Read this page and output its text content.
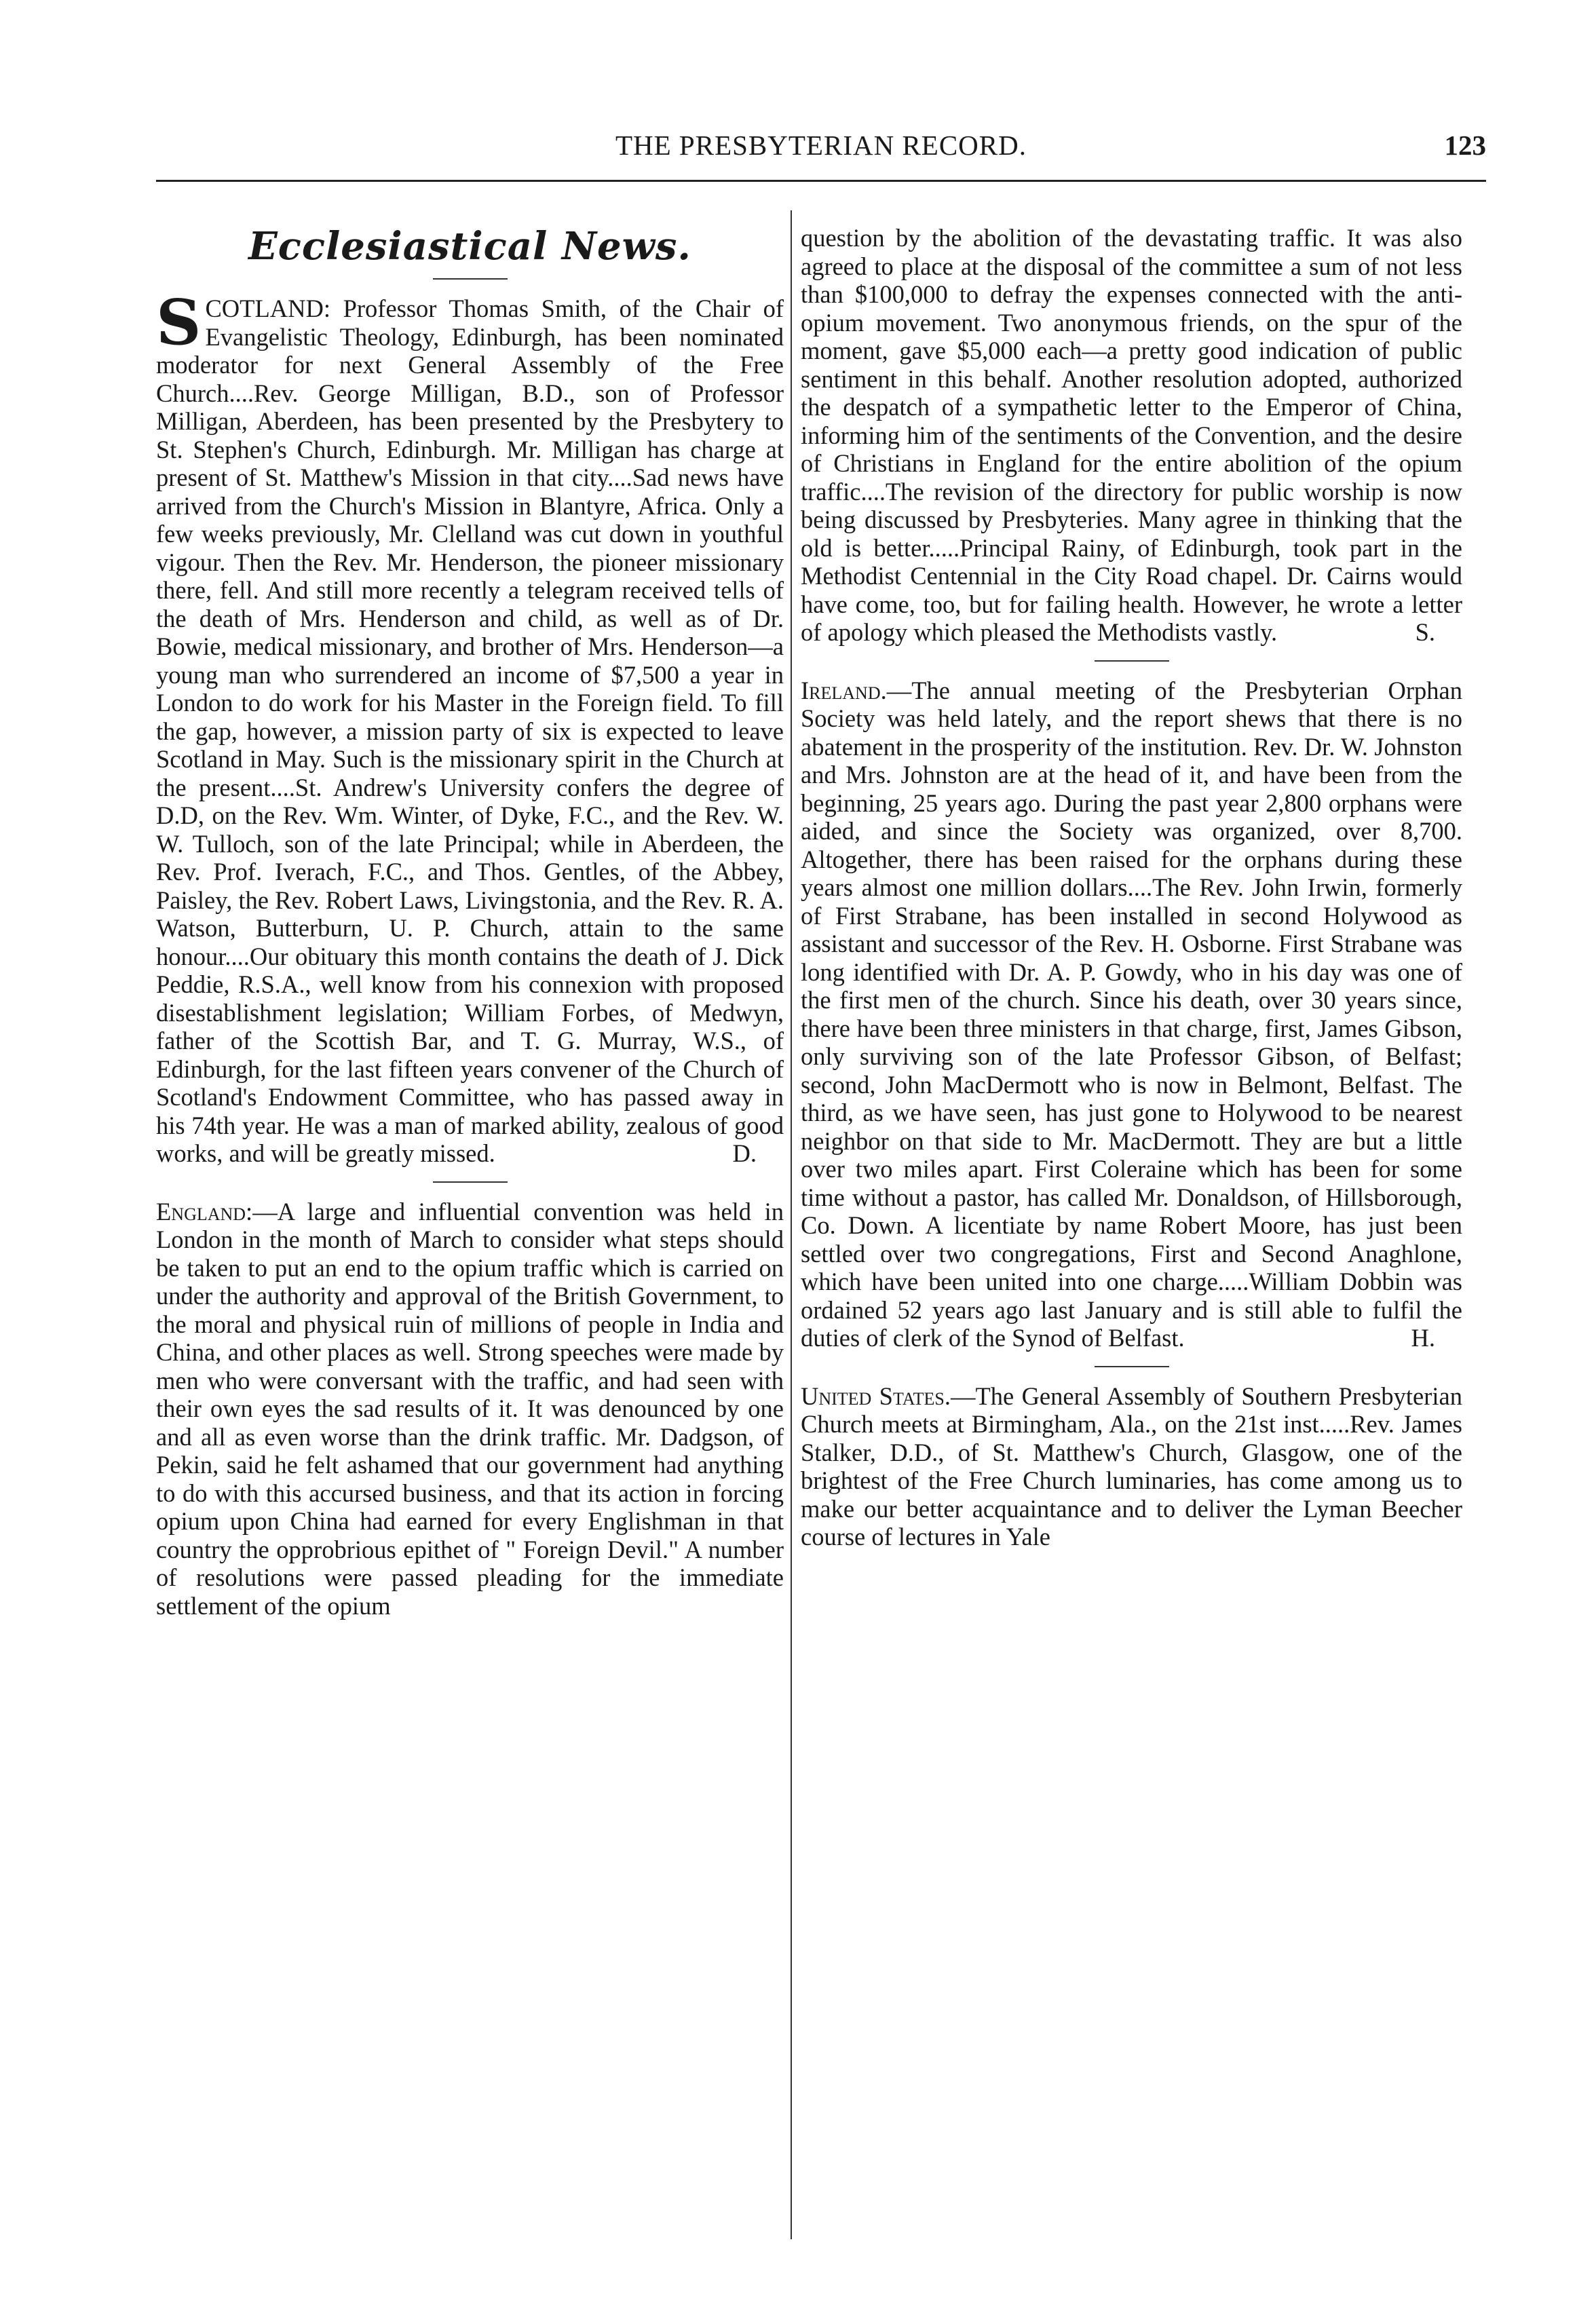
THE PRESBYTERIAN RECORD.	123
Ecclesiastical News.

SCOTLAND: Professor Thomas Smith, of the Chair of Evangelistic Theology, Edinburgh, has been nominated moderator for next General Assembly of the Free Church....Rev. George Milligan, B.D., son of Professor Milligan, Aberdeen, has been presented by the Presbytery to St. Stephen's Church, Edinburgh. Mr. Milligan has charge at present of St. Matthew's Mission in that city....Sad news have arrived from the Church's Mission in Blantyre, Africa. Only a few weeks previously, Mr. Clelland was cut down in youthful vigour. Then the Rev. Mr. Henderson, the pioneer missionary there, fell. And still more recently a telegram received tells of the death of Mrs. Henderson and child, as well as of Dr. Bowie, medical missionary, and brother of Mrs. Henderson—a young man who surrendered an income of $7,500 a year in London to do work for his Master in the Foreign field. To fill the gap, however, a mission party of six is expected to leave Scotland in May. Such is the missionary spirit in the Church at the present....St. Andrew's University confers the degree of D.D, on the Rev. Wm. Winter, of Dyke, F.C., and the Rev. W. W. Tulloch, son of the late Principal; while in Aberdeen, the Rev. Prof. Iverach, F.C., and Thos. Gentles, of the Abbey, Paisley, the Rev. Robert Laws, Livingstonia, and the Rev. R. A. Watson, Butterburn, U. P. Church, attain to the same honour....Our obituary this month contains the death of J. Dick Peddie, R.S.A., well know from his connexion with proposed disestablishment legislation; William Forbes, of Medwyn, father of the Scottish Bar, and T. G. Murray, W.S., of Edinburgh, for the last fifteen years convener of the Church of Scotland's Endowment Committee, who has passed away in his 74th year. He was a man of marked ability, zealous of good works, and will be greatly missed.	D.

England:—A large and influential convention was held in London in the month of March to consider what steps should be taken to put an end to the opium traffic which is carried on under the authority and approval of the British Government, to the moral and physical ruin of millions of people in India and China, and other places as well. Strong speeches were made by men who were conversant with the traffic, and had seen with their own eyes the sad results of it. It was denounced by one and all as even worse than the drink traffic. Mr. Dadgson, of Pekin, said he felt ashamed that our government had anything to do with this accursed business, and that its action in forcing opium upon China had earned for every Englishman in that country the opprobrious epithet of " Foreign Devil." A number of resolutions were passed pleading for the immediate settlement of the opium

question by the abolition of the devastating traffic. It was also agreed to place at the disposal of the committee a sum of not less than $100,000 to defray the expenses connected with the anti-opium movement. Two anonymous friends, on the spur of the moment, gave $5,000 each—a pretty good indication of public sentiment in this behalf. Another resolution adopted, authorized the despatch of a sympathetic letter to the Emperor of China, informing him of the sentiments of the Convention, and the desire of Christians in England for the entire abolition of the opium traffic....The revision of the directory for public worship is now being discussed by Presbyteries. Many agree in thinking that the old is better.....Principal Rainy, of Edinburgh, took part in the Methodist Centennial in the City Road chapel. Dr. Cairns would have come, too, but for failing health. However, he wrote a letter of apology which pleased the Methodists vastly.	S.

Ireland.—The annual meeting of the Presbyterian Orphan Society was held lately, and the report shews that there is no abatement in the prosperity of the institution. Rev. Dr. W. Johnston and Mrs. Johnston are at the head of it, and have been from the beginning, 25 years ago. During the past year 2,800 orphans were aided, and since the Society was organized, over 8,700. Altogether, there has been raised for the orphans during these years almost one million dollars....The Rev. John Irwin, formerly of First Strabane, has been installed in second Holywood as assistant and successor of the Rev. H. Osborne. First Strabane was long identified with Dr. A. P. Gowdy, who in his day was one of the first men of the church. Since his death, over 30 years since, there have been three ministers in that charge, first, James Gibson, only surviving son of the late Professor Gibson, of Belfast; second, John MacDermott who is now in Belmont, Belfast. The third, as we have seen, has just gone to Holywood to be nearest neighbor on that side to Mr. MacDermott. They are but a little over two miles apart. First Coleraine which has been for some time without a pastor, has called Mr. Donaldson, of Hillsborough, Co. Down. A licentiate by name Robert Moore, has just been settled over two congregations, First and Second Anaghlone, which have been united into one charge.....William Dobbin was ordained 52 years ago last January and is still able to fulfil the duties of clerk of the Synod of Belfast.	H.

United States.—The General Assembly of Southern Presbyterian Church meets at Birmingham, Ala., on the 21st inst.....Rev. James Stalker, D.D., of St. Matthew's Church, Glasgow, one of the brightest of the Free Church luminaries, has come among us to make our better acquaintance and to deliver the Lyman Beecher course of lectures in Yale
